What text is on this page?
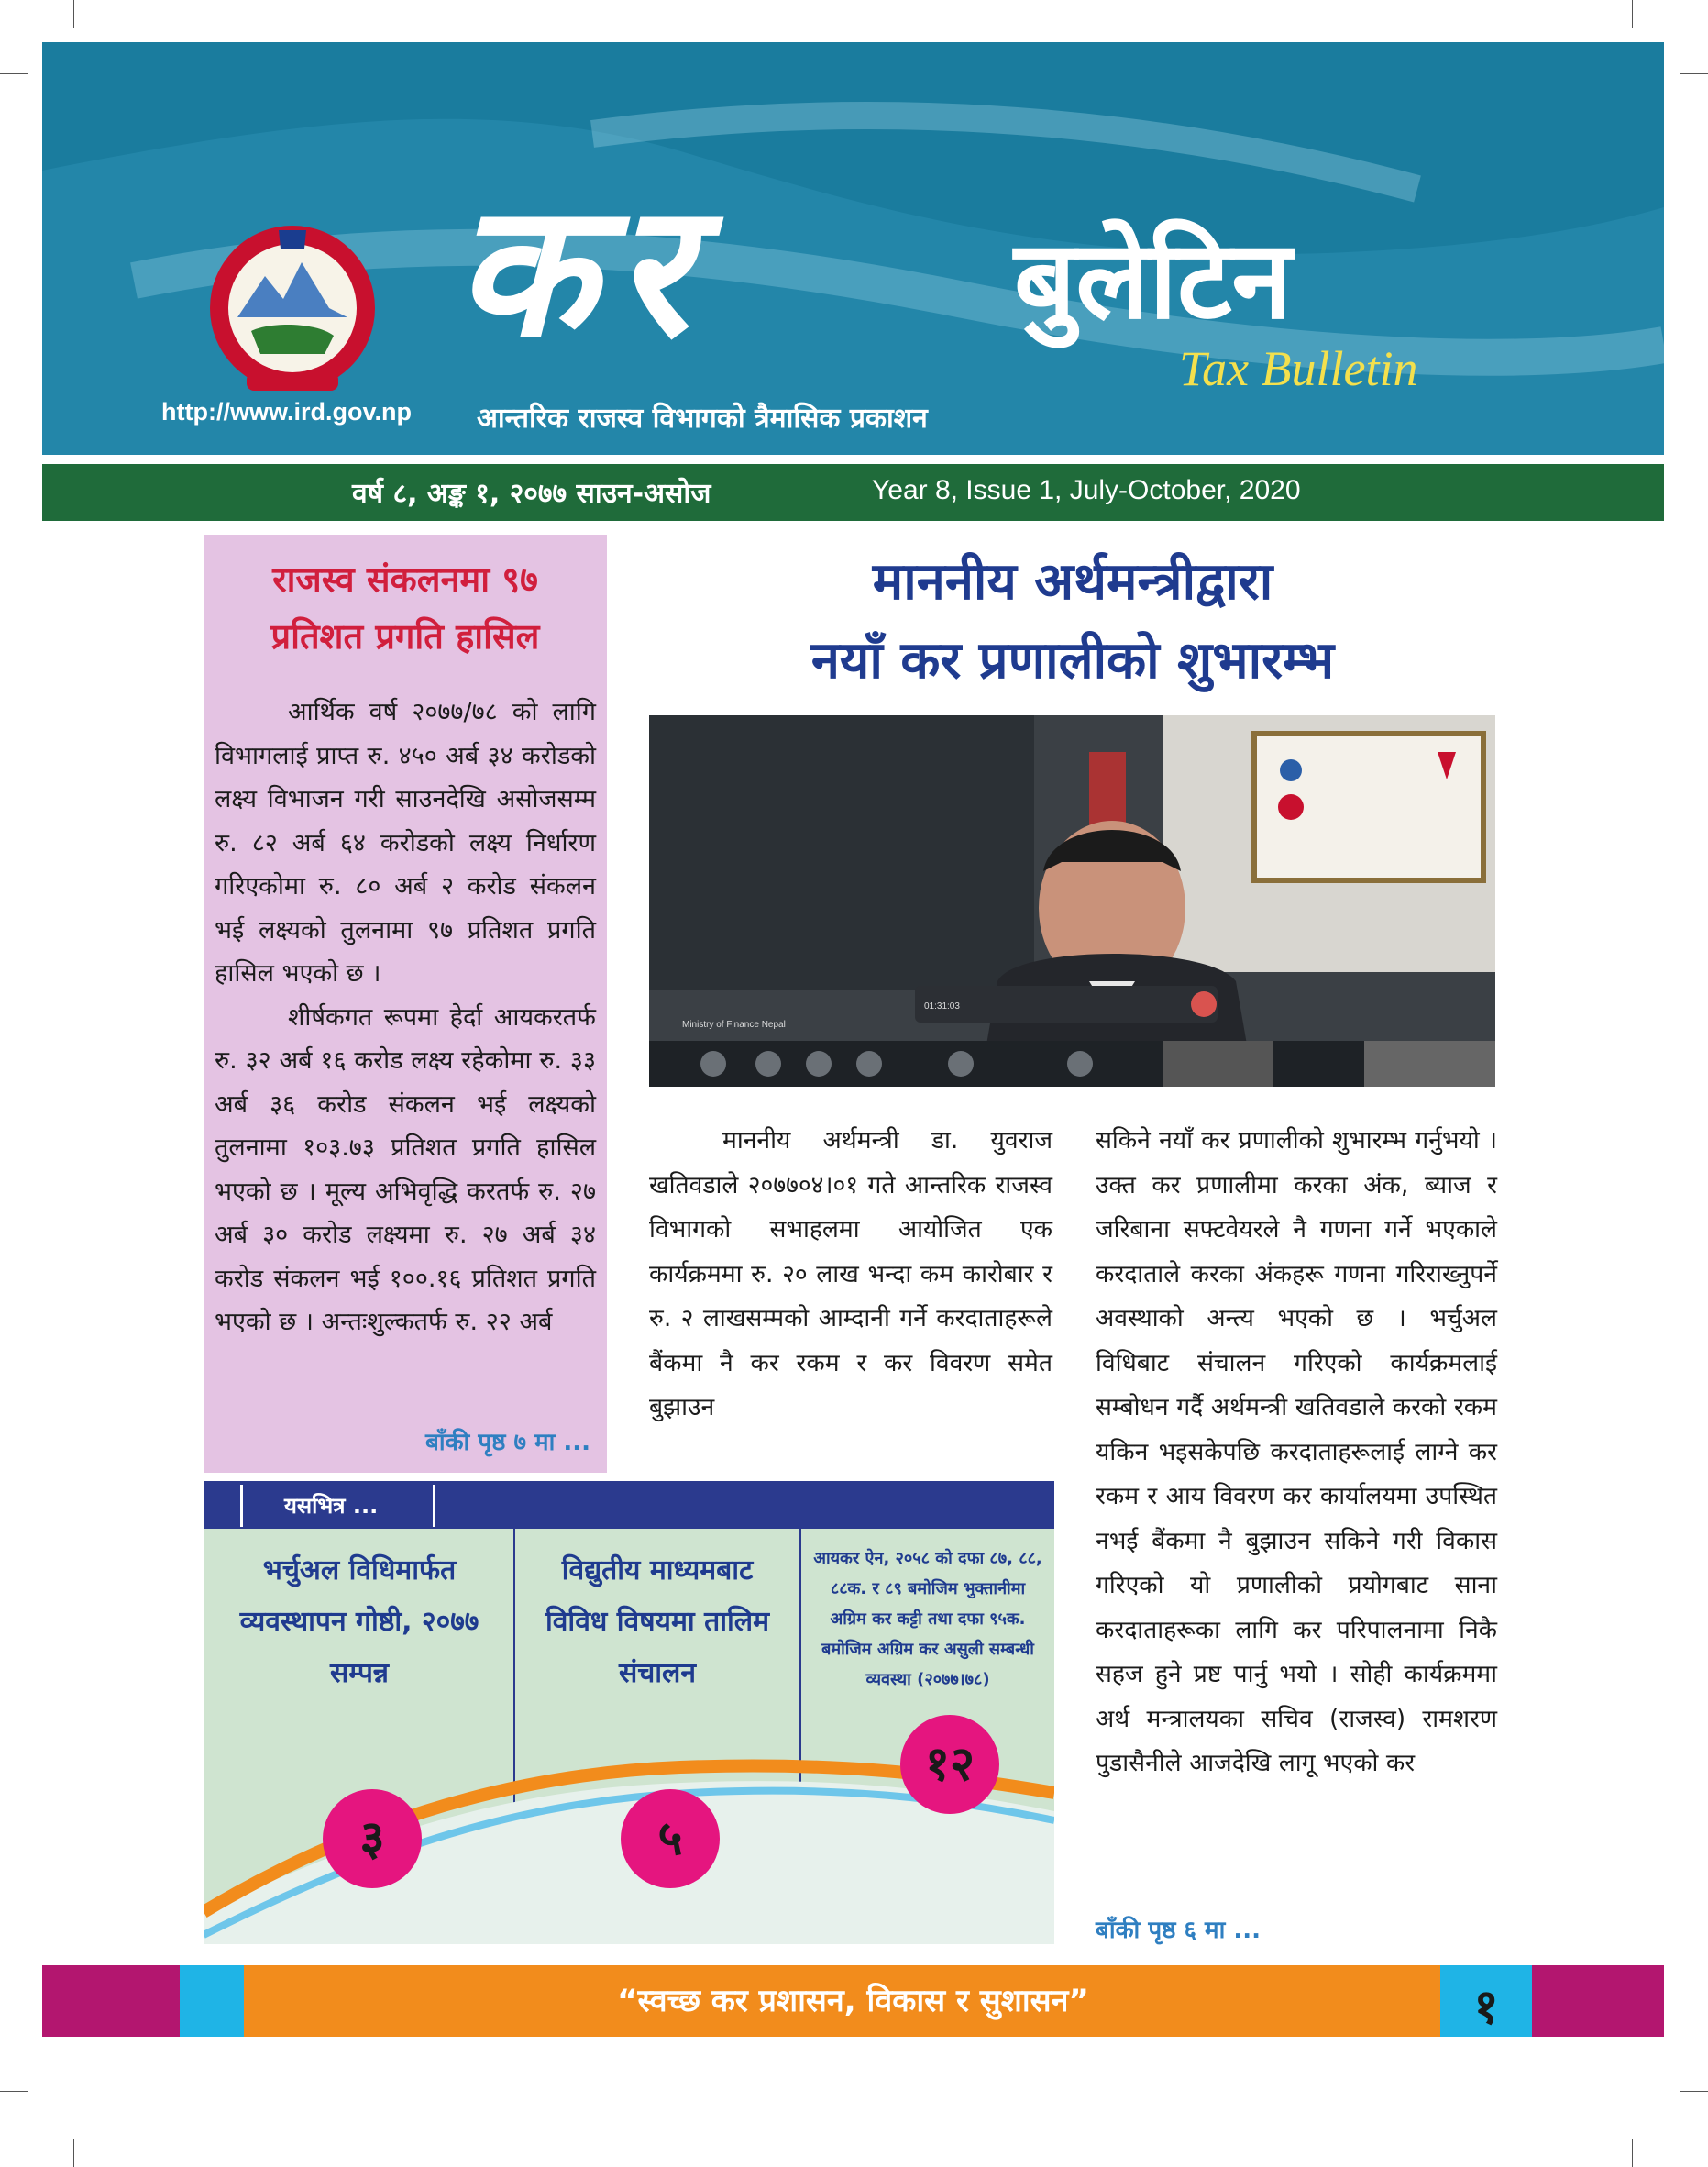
कर	बुलेटिन
Tax Bulletin
http://www.ird.gov.np आन्तरिक राजस्व विभागको त्रैमासिक प्रकाशन
वर्ष ८, अङ्क १, २०७७ साउन-असोज	Year 8, Issue 1, July-October, 2020
राजस्व संकलनमा ९७
प्रतिशत प्रगति हासिल
आर्थिक वर्ष २०७७/७८ को लागि विभागलाई प्राप्त रु. ४५० अर्ब ३४ करोडको लक्ष्य विभाजन गरी साउनदेखि असोजसम्म रु. ८२ अर्ब ६४ करोडको लक्ष्य निर्धारण गरिएकोमा रु. ८० अर्ब २ करोड संकलन भई लक्ष्यको तुलनामा ९७ प्रतिशत प्रगति हासिल भएको छ ।
शीर्षकगत रूपमा हेर्दा आयकरतर्फ रु. ३२ अर्ब १६ करोड लक्ष्य रहेकोमा रु. ३३ अर्ब ३६ करोड संकलन भई लक्ष्यको तुलनामा १०३.७३ प्रतिशत प्रगति हासिल भएको छ । मूल्य अभिवृद्धि करतर्फ रु. २७ अर्ब ३० करोड लक्ष्यमा रु. २७ अर्ब ३४ करोड संकलन भई १००.१६ प्रतिशत प्रगति भएको छ । अन्तःशुल्कतर्फ रु. २२ अर्ब
बाँकी पृष्ठ ७ मा ...
माननीय अर्थमन्त्रीद्वारा
नयाँ कर प्रणालीको शुभारम्भ
Ministry of Finance Nepal
01:31:03
माननीय अर्थमन्त्री डा. युवराज खतिवडाले २०७७०४।०१ गते आन्तरिक राजस्व विभागको सभाहलमा आयोजित एक कार्यक्रममा रु. २० लाख भन्दा कम कारोबार र रु. २ लाखसम्मको आम्दानी गर्ने करदाताहरूले बैंकमा नै कर रकम र कर विवरण समेत बुझाउन
सकिने नयाँ कर प्रणालीको शुभारम्भ गर्नुभयो । उक्त कर प्रणालीमा करका अंक, ब्याज र जरिबाना सफ्टवेयरले नै गणना गर्ने भएकाले करदाताले करका अंकहरू गणना गरिराख्नुपर्ने अवस्थाको अन्त्य भएको छ । भर्चुअल विधिबाट संचालन गरिएको कार्यक्रमलाई सम्बोधन गर्दै अर्थमन्त्री खतिवडाले करको रकम यकिन भइसकेपछि करदाताहरूलाई लाग्ने कर रकम र आय विवरण कर कार्यालयमा उपस्थित नभई बैंकमा नै बुझाउन सकिने गरी विकास गरिएको यो प्रणालीको प्रयोगबाट साना करदाताहरूका लागि कर परिपालनामा निकै सहज हुने प्रष्ट पार्नु भयो । सोही कार्यक्रममा अर्थ मन्त्रालयका सचिव (राजस्व) रामशरण पुडासैनीले आजदेखि लागू भएको कर
बाँकी पृष्ठ ६ मा ...
यसभित्र ...
भर्चुअल विधिमार्फत व्यवस्थापन गोष्ठी, २०७७ सम्पन्न
विद्युतीय माध्यमबाट विविध विषयमा तालिम संचालन
आयकर ऐन, २०५८ को दफा ८७, ८८, ८८क. र ८९ बमोजिम भुक्तानीमा अग्रिम कर कट्टी तथा दफा ९५क. बमोजिम अग्रिम कर असुली सम्बन्धी व्यवस्था (२०७७।७८)
३	५
१२
“स्वच्छ कर प्रशासन, विकास र सुशासन”	१
